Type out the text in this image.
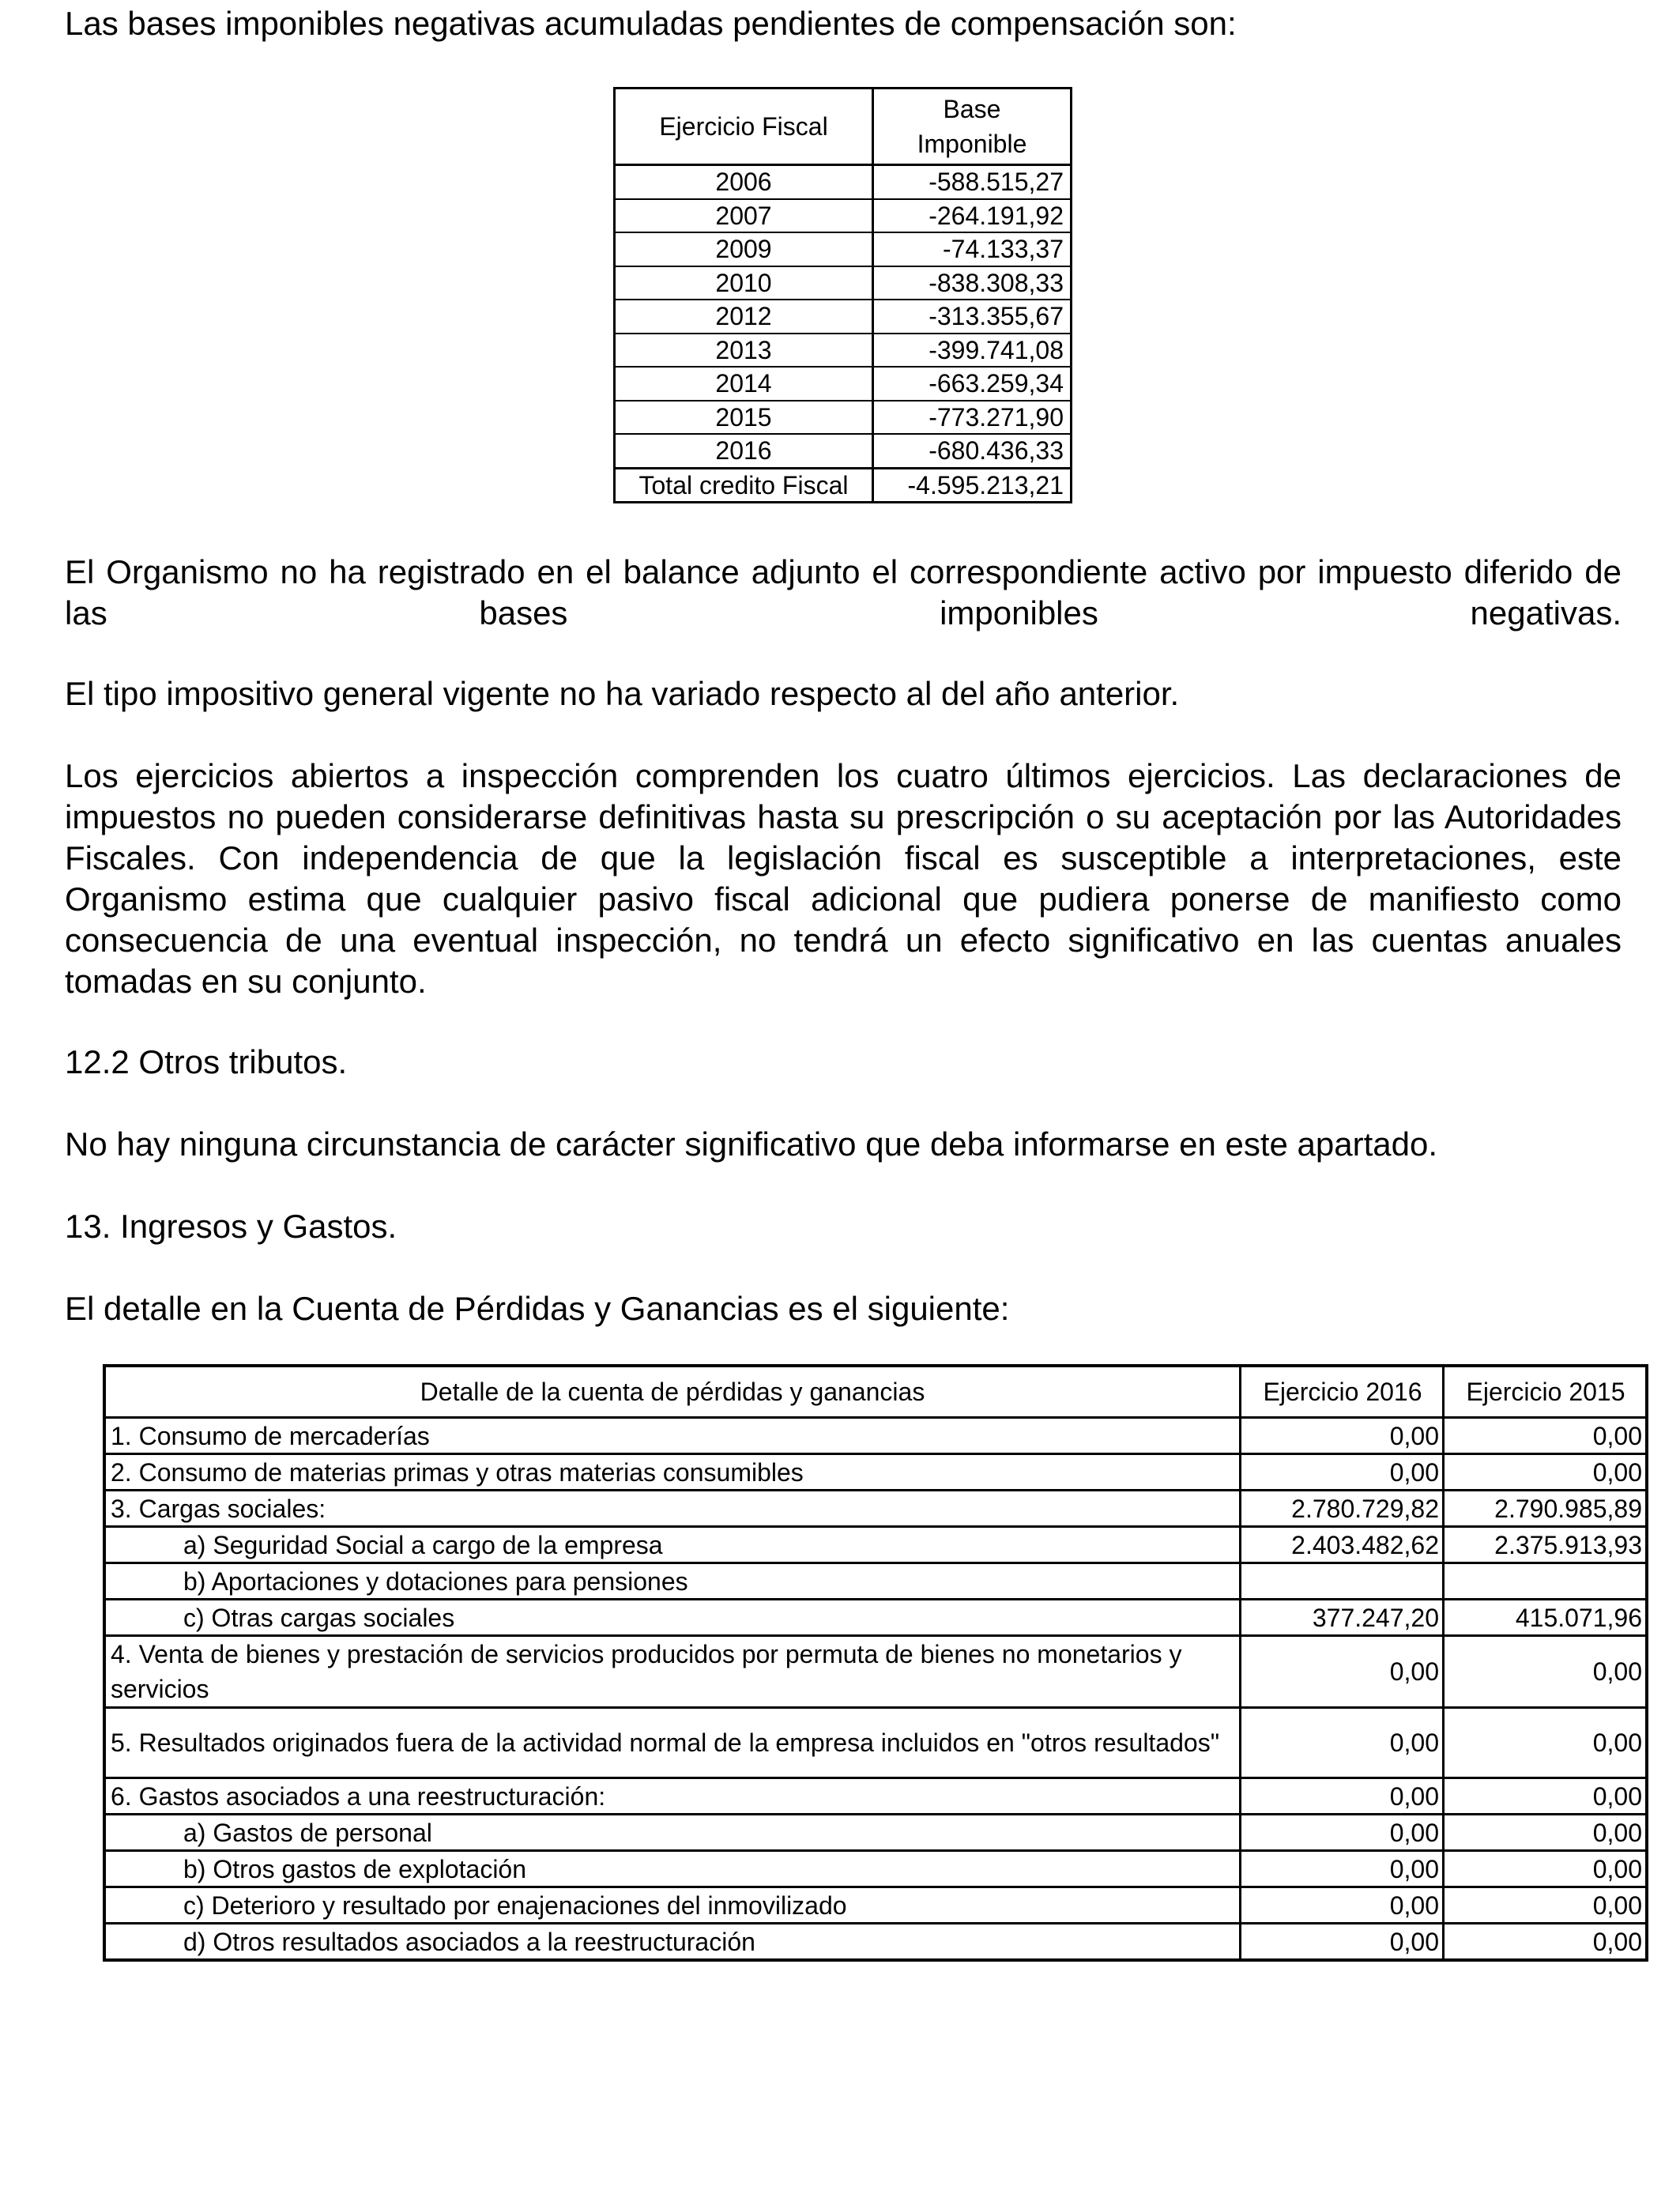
Las bases imponibles negativas acumuladas pendientes de compensación son:

Ejercicio Fiscal	Base
Imponible
2006	-588.515,27
2007	-264.191,92
2009	-74.133,37
2010	-838.308,33
2012	-313.355,67
2013	-399.741,08
2014	-663.259,34
2015	-773.271,90
2016	-680.436,33
Total credito Fiscal	-4.595.213,21

El Organismo no ha registrado en el balance adjunto el correspondiente activo por impuesto diferido de las bases imponibles negativas.

El tipo impositivo general vigente no ha variado respecto al del año anterior.

Los ejercicios abiertos a inspección comprenden los cuatro últimos ejercicios. Las declaraciones de impuestos no pueden considerarse definitivas hasta su prescripción o su aceptación por las Autoridades Fiscales. Con independencia de que la legislación fiscal es susceptible a interpretaciones, este Organismo estima que cualquier pasivo fiscal adicional que pudiera ponerse de manifiesto como consecuencia de una eventual inspección, no tendrá un efecto significativo en las cuentas anuales tomadas en su conjunto.

12.2 Otros tributos.

No hay ninguna circunstancia de carácter significativo que deba informarse en este apartado.

13. Ingresos y Gastos.

El detalle en la Cuenta de Pérdidas y Ganancias es el siguiente:

Detalle de la cuenta de pérdidas y ganancias	Ejercicio 2016	Ejercicio 2015
1. Consumo de mercaderías	0,00	0,00
2. Consumo de materias primas y otras materias consumibles	0,00	0,00
3. Cargas sociales:	2.780.729,82	2.790.985,89
a) Seguridad Social a cargo de la empresa	2.403.482,62	2.375.913,93
b) Aportaciones y dotaciones para pensiones		
c) Otras cargas sociales	377.247,20	415.071,96
4. Venta de bienes y prestación de servicios producidos por permuta de bienes no monetarios y servicios	0,00	0,00
5. Resultados originados fuera de la actividad normal de la empresa incluidos en "otros resultados"	0,00	0,00
6. Gastos asociados a una reestructuración:	0,00	0,00
a) Gastos de personal	0,00	0,00
b) Otros gastos de explotación	0,00	0,00
c) Deterioro y resultado por enajenaciones del inmovilizado	0,00	0,00
d) Otros resultados asociados a la reestructuración	0,00	0,00
